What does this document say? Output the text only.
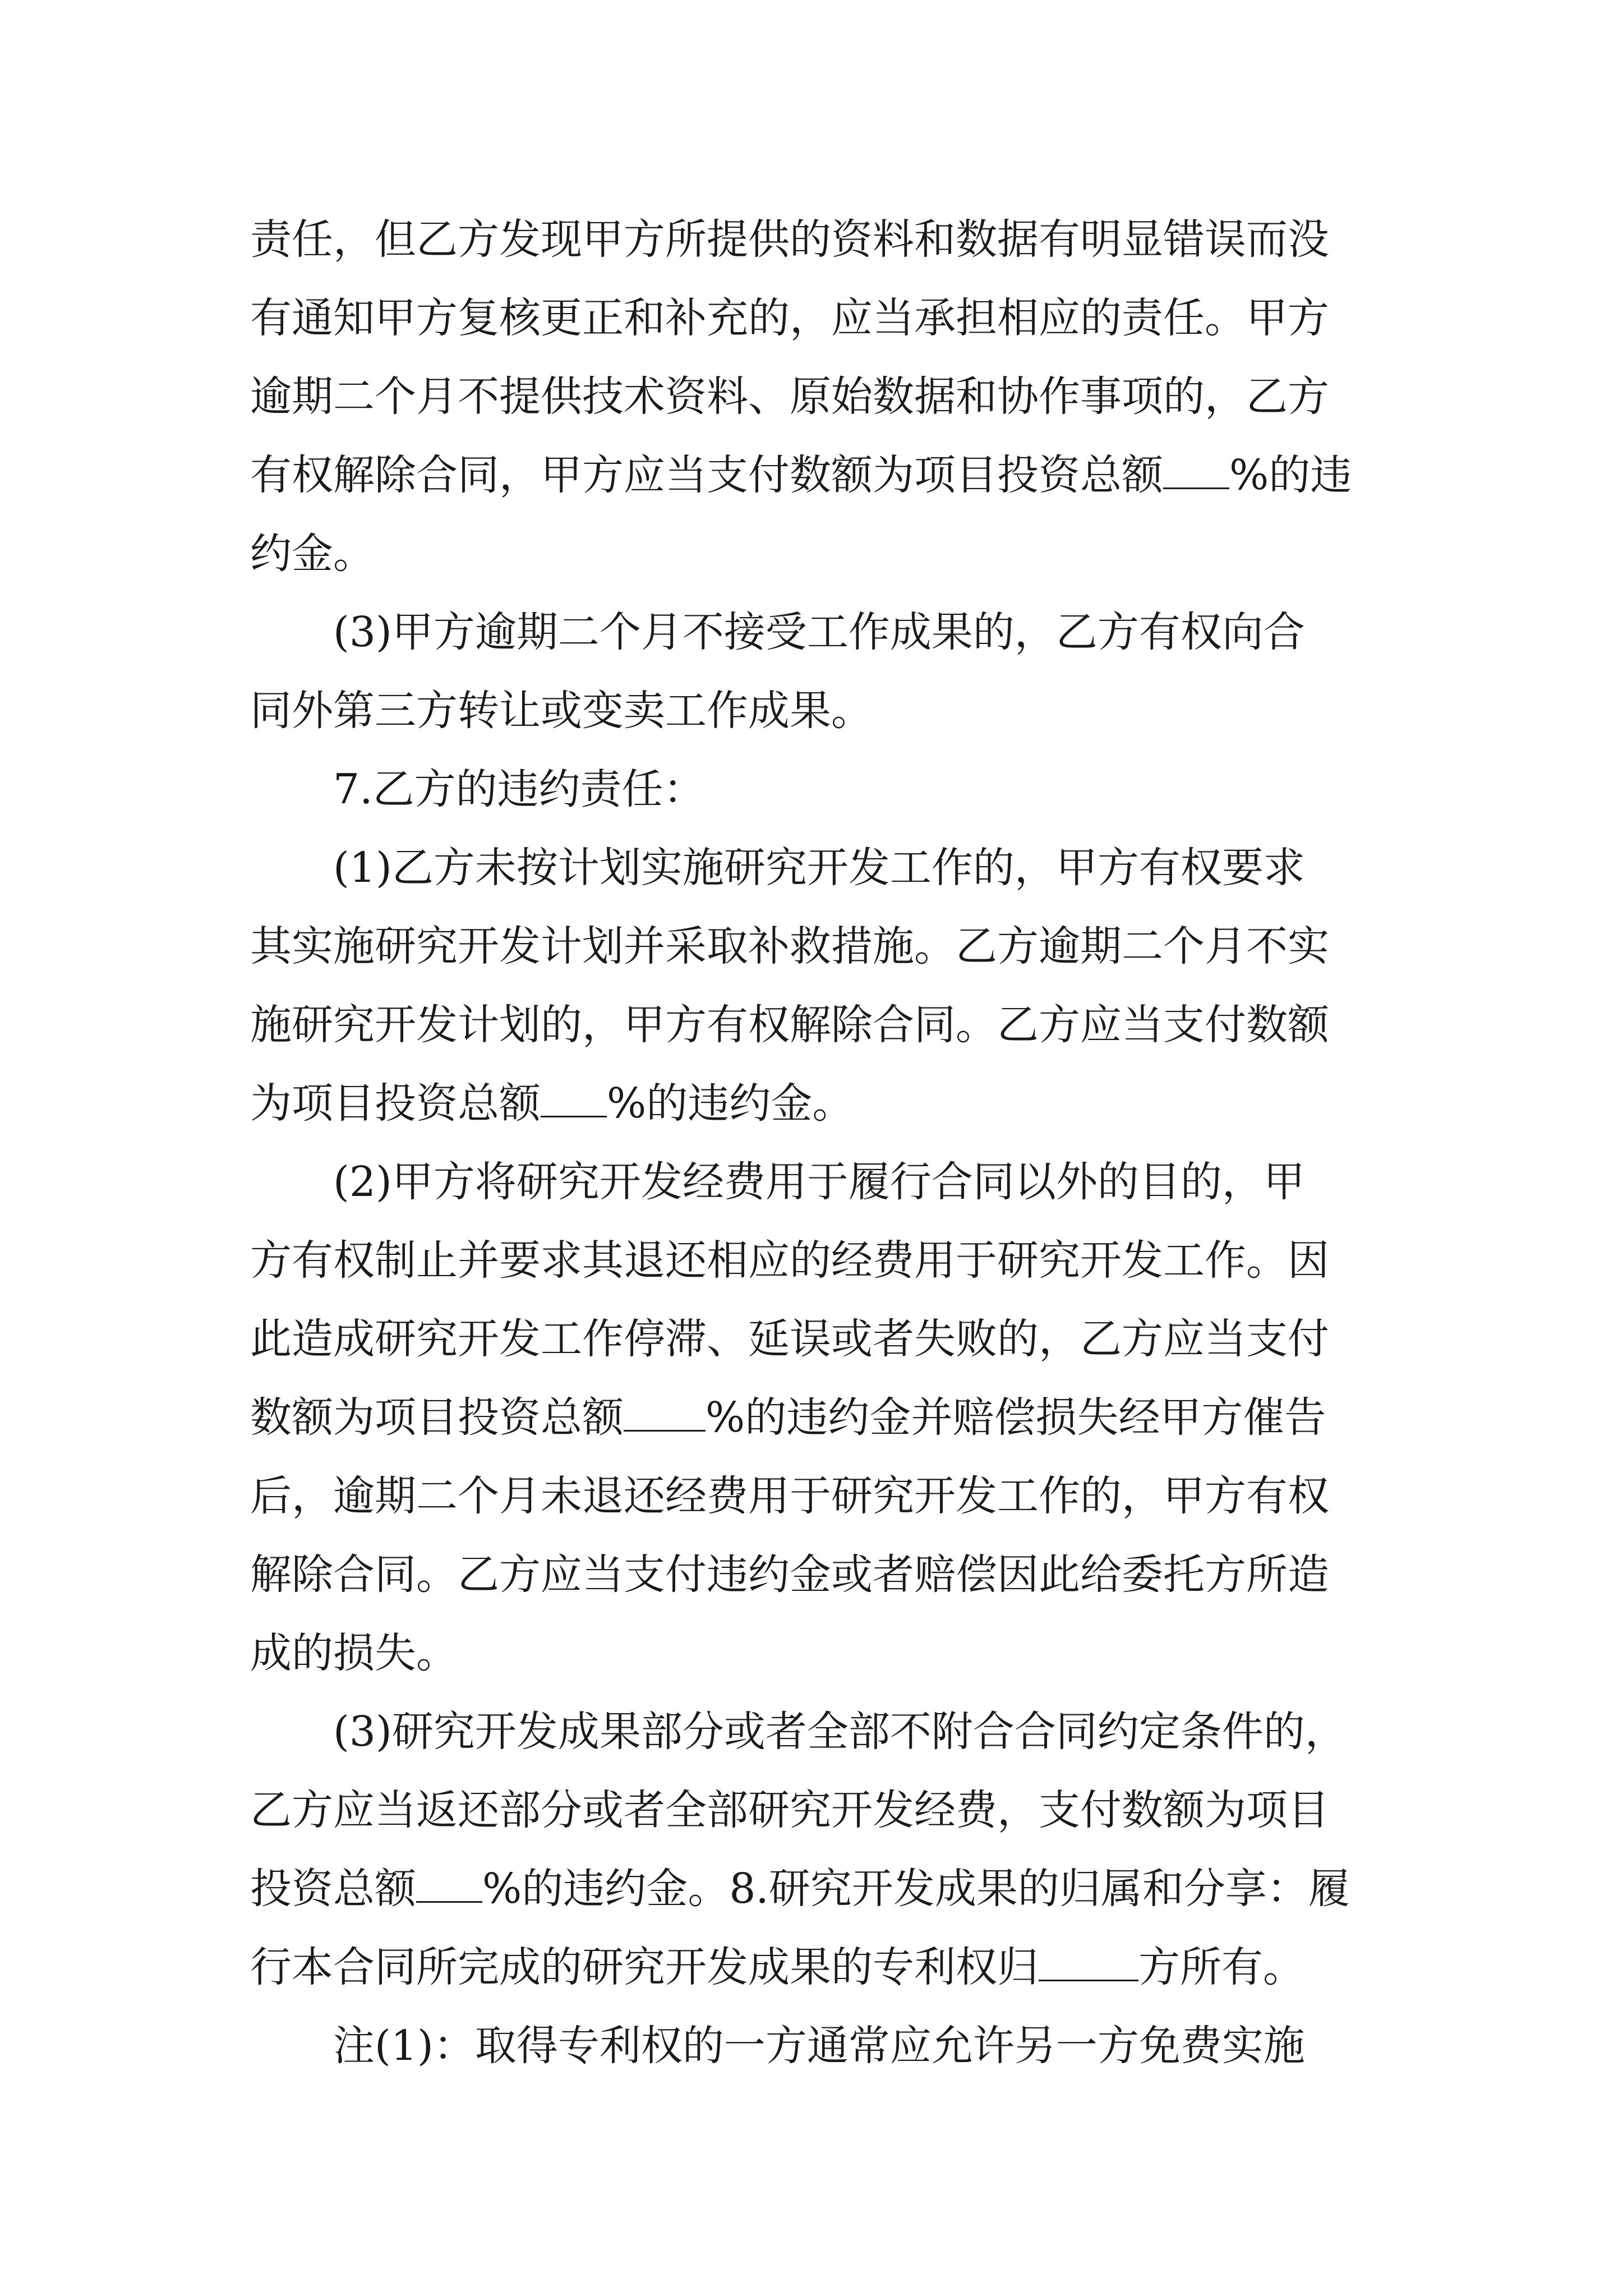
责任，但乙方发现甲方所提供的资料和数据有明显错误而没
有通知甲方复核更正和补充的，应当承担相应的责任。甲方
逾期二个月不提供技术资料、原始数据和协作事项的，乙方
有权解除合同，甲方应当支付数额为项目投资总额 %的违
约金。
(3)甲方逾期二个月不接受工作成果的，乙方有权向合
同外第三方转让或变卖工作成果。
7.乙方的违约责任：
(1)乙方未按计划实施研究开发工作的，甲方有权要求
其实施研究开发计划并采取补救措施。乙方逾期二个月不实
施研究开发计划的，甲方有权解除合同。乙方应当支付数额
为项目投资总额 %的违约金。
(2)甲方将研究开发经费用于履行合同以外的目的，甲
方有权制止并要求其退还相应的经费用于研究开发工作。因
此造成研究开发工作停滞、延误或者失败的，乙方应当支付
数额为项目投资总额 %的违约金并赔偿损失经甲方催告
后，逾期二个月未退还经费用于研究开发工作的，甲方有权
解除合同。乙方应当支付违约金或者赔偿因此给委托方所造
成的损失。
(3)研究开发成果部分或者全部不附合合同约定条件的，
乙方应当返还部分或者全部研究开发经费，支付数额为项目
投资总额 %的违约金。8.研究开发成果的归属和分享：履
行本合同所完成的研究开发成果的专利权归 方所有。
注(1)：取得专利权的一方通常应允许另一方免费实施
